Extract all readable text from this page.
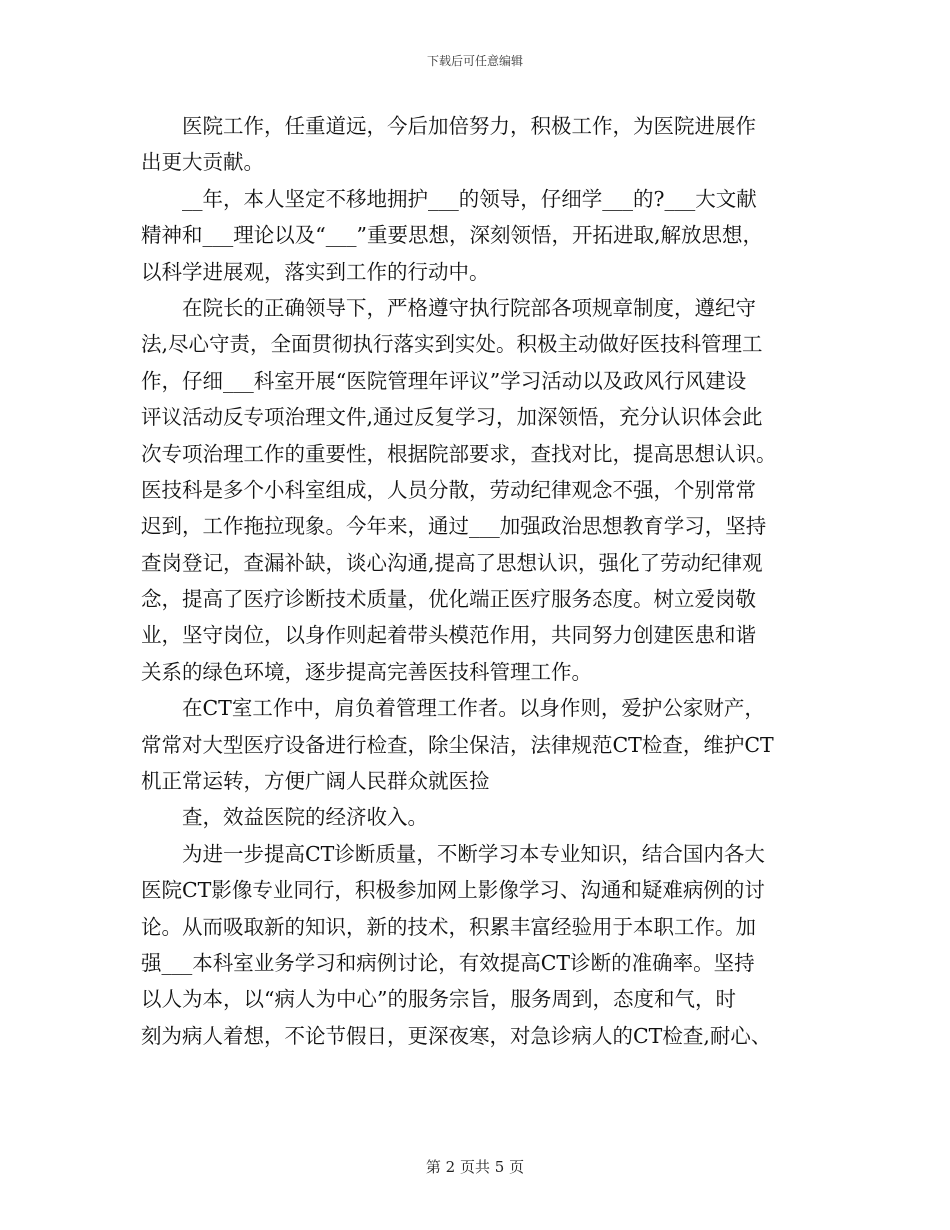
下载后可任意编辑
医院工作，任重道远，今后加倍努力，积极工作，为医院进展作
出更大贡献。
__年，本人坚定不移地拥护___的领导，仔细学___的?___大文献
精神和___理论以及“___”重要思想，深刻领悟，开拓进取,解放思想，
以科学进展观，落实到工作的行动中。
在院长的正确领导下，严格遵守执行院部各项规章制度，遵纪守
法,尽心守责，全面贯彻执行落实到实处。积极主动做好医技科管理工
作，仔细___科室开展“医院管理年评议”学习活动以及政风行风建设
评议活动反专项治理文件,通过反复学习，加深领悟，充分认识体会此
次专项治理工作的重要性，根据院部要求，查找对比，提高思想认识。
医技科是多个小科室组成，人员分散，劳动纪律观念不强，个别常常
迟到，工作拖拉现象。今年来，通过___加强政治思想教育学习，坚持
查岗登记，查漏补缺，谈心沟通,提高了思想认识，强化了劳动纪律观
念，提高了医疗诊断技术质量，优化端正医疗服务态度。树立爱岗敬
业，坚守岗位，以身作则起着带头模范作用，共同努力创建医患和谐
关系的绿色环境，逐步提高完善医技科管理工作。
在CT室工作中，肩负着管理工作者。以身作则，爱护公家财产，
常常对大型医疗设备进行检查，除尘保洁，法律规范CT检查，维护CT
机正常运转，方便广阔人民群众就医捡
查，效益医院的经济收入。
为进一步提高CT诊断质量，不断学习本专业知识，结合国内各大
医院CT影像专业同行，积极参加网上影像学习、沟通和疑难病例的讨
论。从而吸取新的知识，新的技术，积累丰富经验用于本职工作。加
强___本科室业务学习和病例讨论，有效提高CT诊断的准确率。坚持
以人为本，以“病人为中心”的服务宗旨，服务周到，态度和气，时
刻为病人着想，不论节假日，更深夜寒，对急诊病人的CT检查,耐心、
第 2 页共 5 页
